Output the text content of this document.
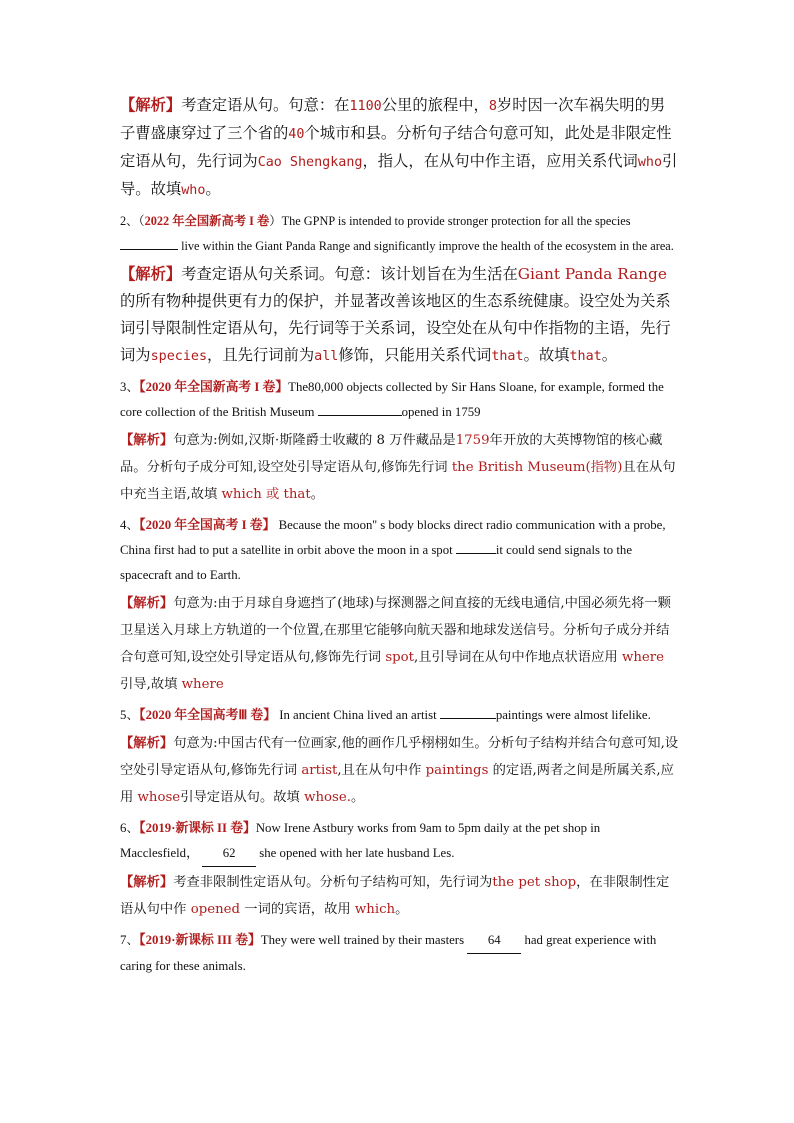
【解析】考查定语从句。句意：在1100公里的旅程中，8岁时因一次车祸失明的男子曹盛康穿过了三个省的40个城市和县。分析句子结合句意可知，此处是非限定性定语从句，先行词为Cao Shengkang，指人，在从句中作主语，应用关系代词who引导。故填who。

2、（2022 年全国新高考 I 卷）The GPNP is intended to provide stronger protection for all the species  live within the Giant Panda Range and significantly improve the health of the ecosystem in the area.

【解析】考查定语从句关系词。句意：该计划旨在为生活在Giant Panda Range的所有物种提供更有力的保护，并显著改善该地区的生态系统健康。设空处为关系词引导限制性定语从句，先行词等于关系词，设空处在从句中作指物的主语，先行词为species，且先行词前为all修饰，只能用关系代词that。故填that。

3、【2020 年全国新高考 I 卷】The80,000 objects collected by Sir Hans Sloane, for example, formed the core collection of the British Museum	opened in 1759

【解析】句意为:例如,汉斯·斯隆爵士收藏的 8 万件藏品是1759年开放的大英博物馆的核心藏品。分析句子成分可知,设空处引导定语从句,修饰先行词 the British Museum(指物)且在从句中充当主语,故填 which 或 that。

4、【2020 年全国高考 I 卷】 Because the moon'' s body blocks direct radio communication with a probe, China first had to put a satellite in orbit above the moon in a spot	it could send signals to the spacecraft and to Earth.

【解析】句意为:由于月球自身遮挡了(地球)与探测器之间直接的无线电通信,中国必须先将一颗卫星送入月球上方轨道的一个位置,在那里它能够向航天器和地球发送信号。分析句子成分并结合句意可知,设空处引导定语从句,修饰先行词 spot,且引导词在从句中作地点状语应用 where 引导,故填 where

5、【2020 年全国高考Ⅲ 卷】 In ancient China lived an artist	paintings were almost lifelike.

【解析】句意为:中国古代有一位画家,他的画作几乎栩栩如生。分析句子结构并结合句意可知,设空处引导定语从句,修饰先行词 artist,且在从句中作 paintings 的定语,两者之间是所属关系,应用 whose引导定语从句。故填 whose.。

6、【2019·新课标 II 卷】Now Irene Astbury works from 9am to 5pm daily at the pet shop in Macclesfield， 62 she opened with her late husband Les.

【解析】考查非限制性定语从句。分析句子结构可知，先行词为the pet shop，在非限制性定语从句中作 opened 一词的宾语，故用 which。

7、【2019·新课标 III 卷】They were well trained by their masters 64 had great experience with caring for these animals.
